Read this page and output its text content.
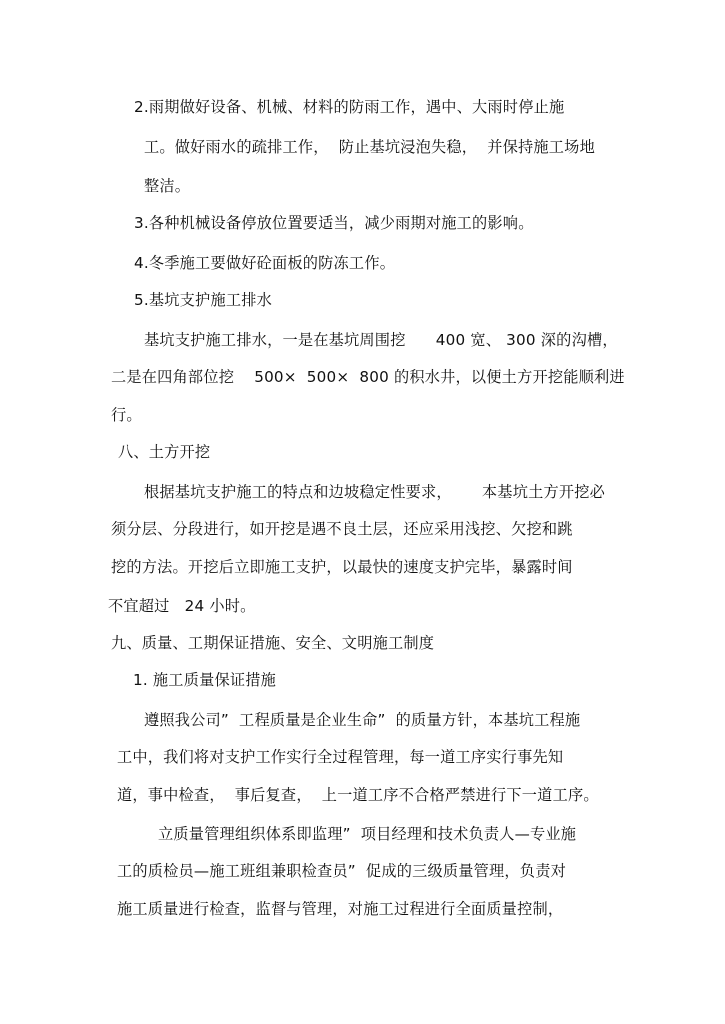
2.雨期做好设备、机械、材料的防雨工作，遇中、大雨时停止施
工。做好雨水的疏排工作，  防止基坑浸泡失稳，  并保持施工场地
整洁。
3.各种机械设备停放位置要适当，减少雨期对施工的影响。
4.冬季施工要做好砼面板的防冻工作。
5.基坑支护施工排水
基坑支护施工排水，一是在基坑周围挖      400 宽、 300 深的沟槽，
二是在四角部位挖    500×  500×  800 的积水井，以便土方开挖能顺利进
行。
八、土方开挖
根据基坑支护施工的特点和边坡稳定性要求，      本基坑土方开挖必
须分层、分段进行，如开挖是遇不良土层，还应采用浅挖、欠挖和跳
挖的方法。开挖后立即施工支护，以最快的速度支护完毕，暴露时间
不宜超过   24 小时。
九、质量、工期保证措施、安全、文明施工制度
1. 施工质量保证措施
遵照我公司”  工程质量是企业生命”  的质量方针，本基坑工程施
工中，我们将对支护工作实行全过程管理，每一道工序实行事先知
道，事中检查，  事后复查，  上一道工序不合格严禁进行下一道工序。
立质量管理组织体系即监理”  项目经理和技术负责人—专业施
工的质检员—施工班组兼职检查员”  促成的三级质量管理，负责对
施工质量进行检查，监督与管理，对施工过程进行全面质量控制，
